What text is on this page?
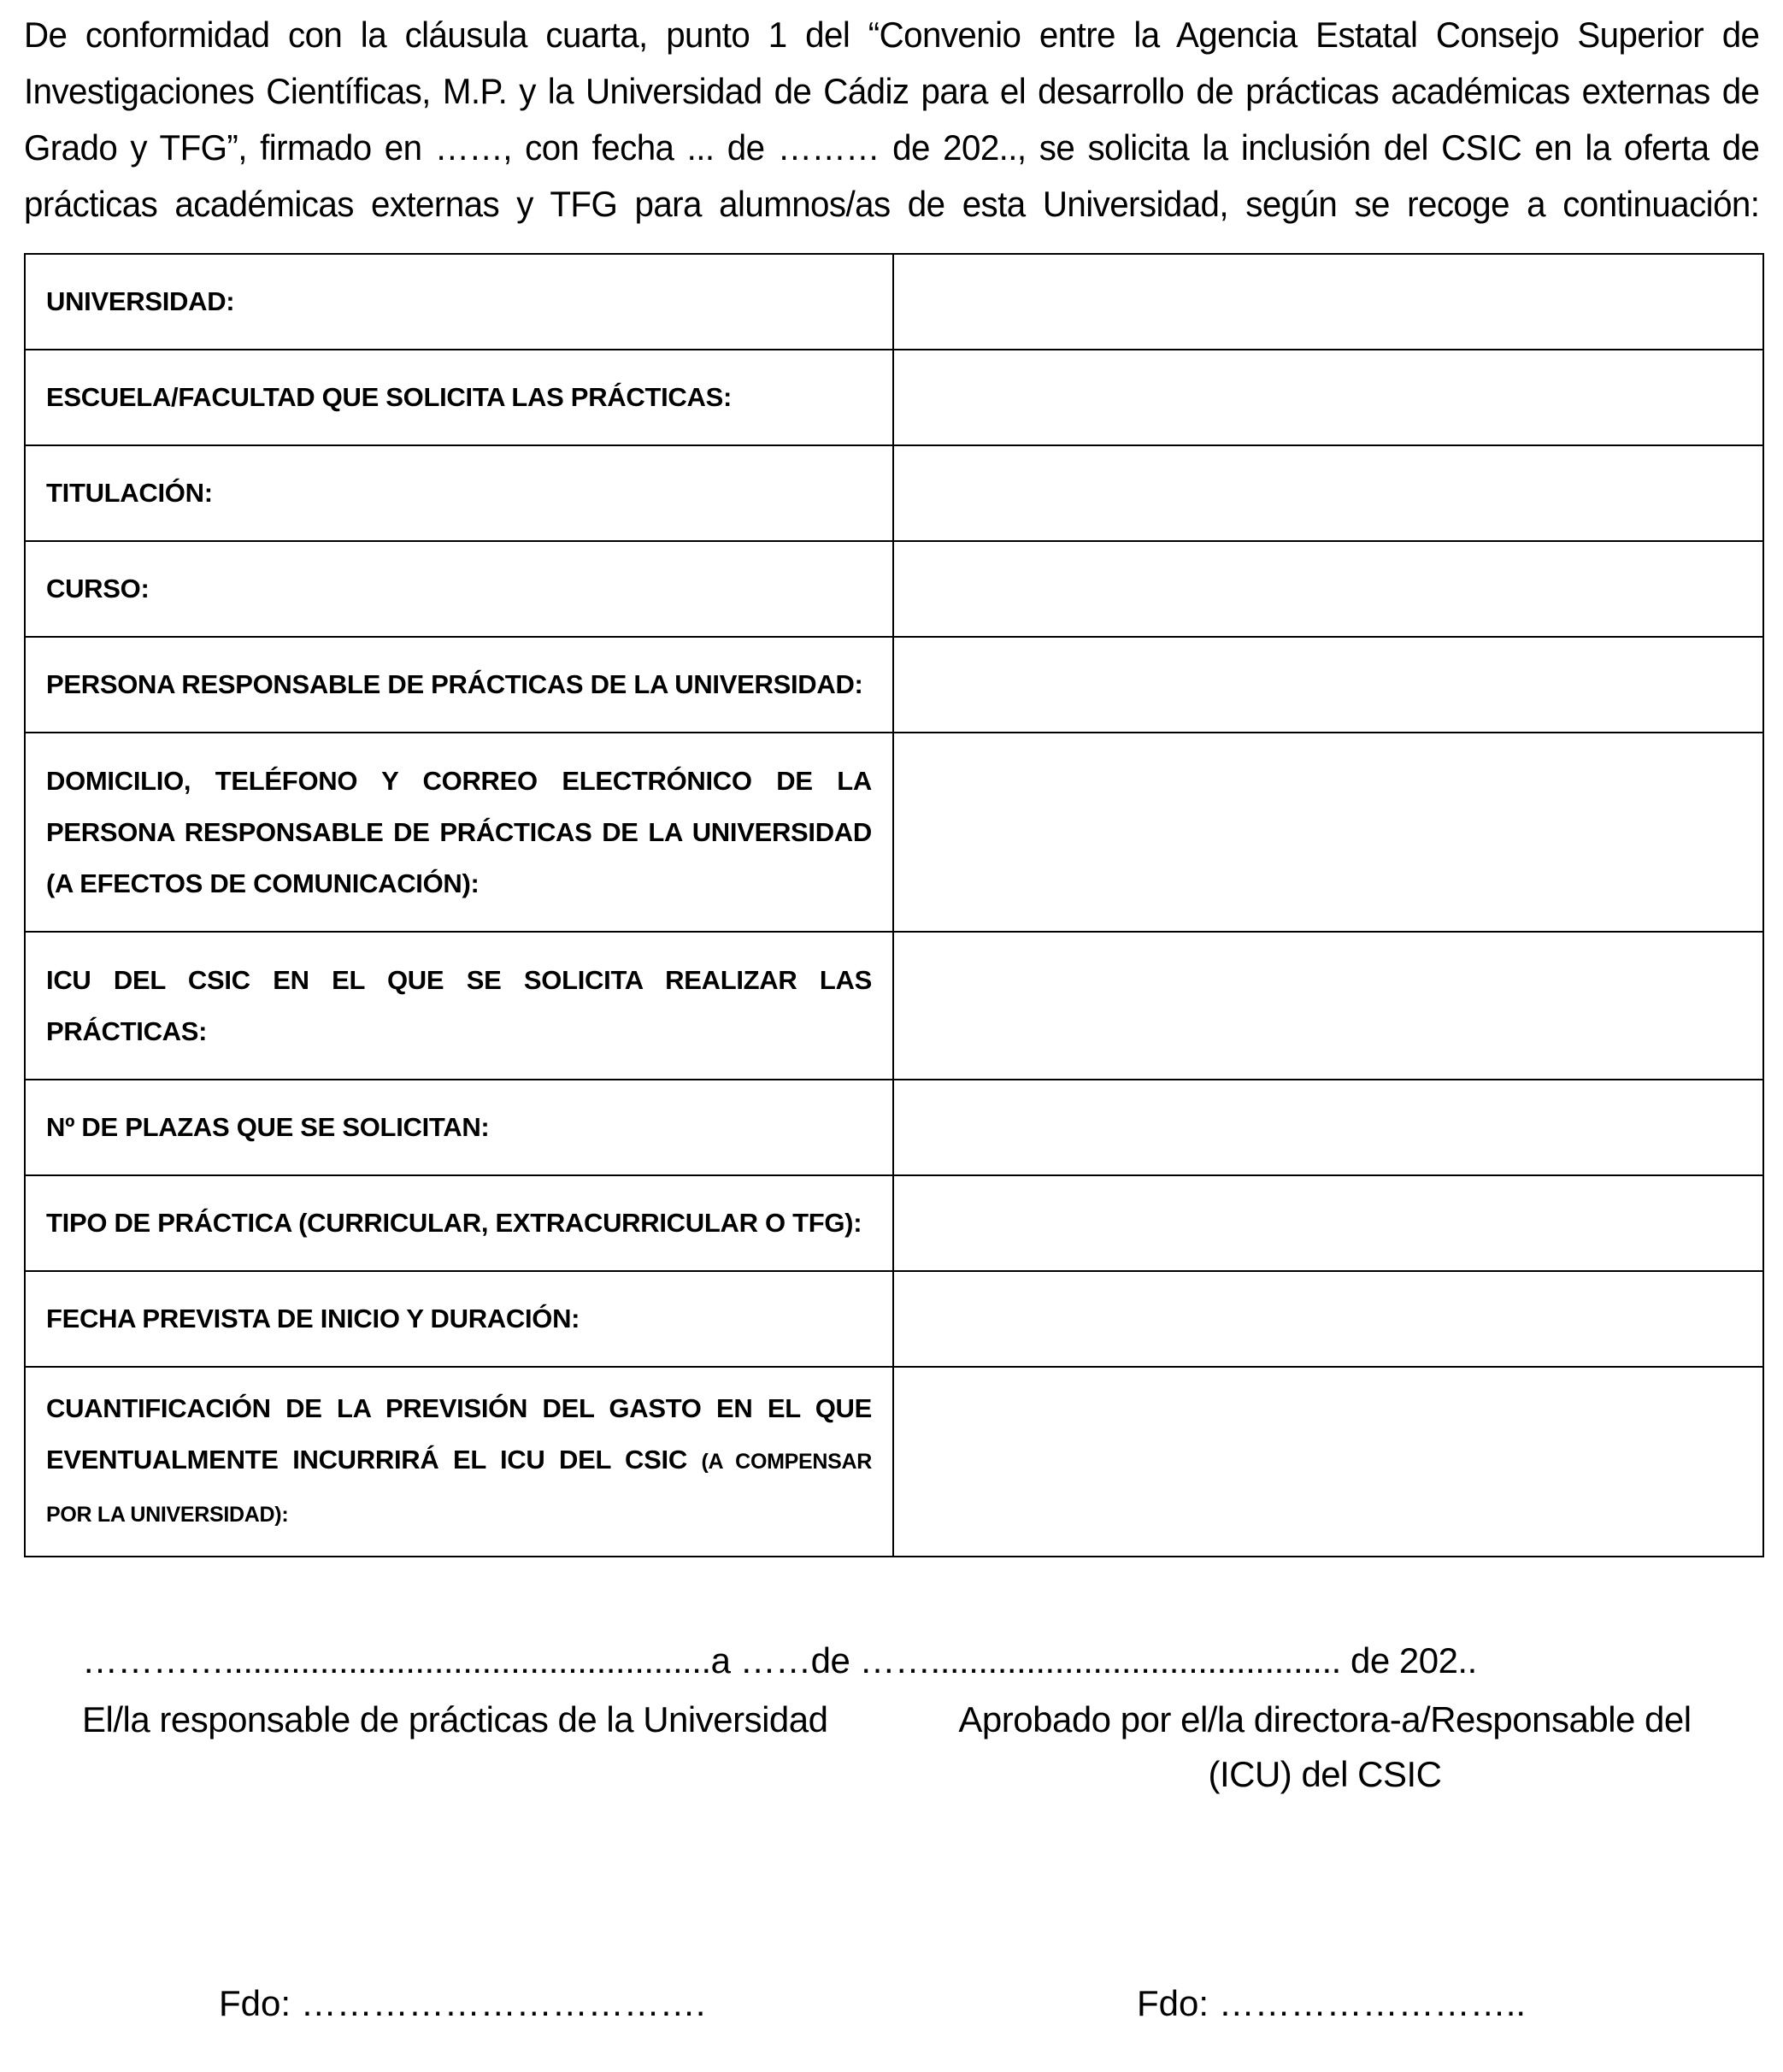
De conformidad con la cláusula cuarta, punto 1 del “Convenio entre la Agencia Estatal Consejo Superior de Investigaciones Científicas, M.P. y la Universidad de Cádiz para el desarrollo de prácticas académicas externas de Grado y TFG”, firmado en ……, con fecha ... de ……… de 202.., se solicita la inclusión del CSIC en la oferta de prácticas académicas externas y TFG para alumnos/as de esta Universidad, según se recoge a continuación:

UNIVERSIDAD:	

ESCUELA/FACULTAD QUE SOLICITA LAS PRÁCTICAS:	

TITULACIÓN:	

CURSO:	

PERSONA RESPONSABLE DE PRÁCTICAS DE LA UNIVERSIDAD:	

DOMICILIO, TELÉFONO Y CORREO ELECTRÓNICO DE LA PERSONA RESPONSABLE DE PRÁCTICAS DE LA UNIVERSIDAD (A EFECTOS DE COMUNICACIÓN):	

ICU DEL CSIC EN EL QUE SE SOLICITA REALIZAR LAS PRÁCTICAS:	

Nº DE PLAZAS QUE SE SOLICITAN:	

TIPO DE PRÁCTICA (CURRICULAR, EXTRACURRICULAR O TFG):	

FECHA PREVISTA DE INICIO Y DURACIÓN:	

CUANTIFICACIÓN DE LA PREVISIÓN DEL GASTO EN EL QUE EVENTUALMENTE INCURRIRÁ EL ICU DEL CSIC (A COMPENSAR POR LA UNIVERSIDAD):	

…………...................................................a ……de ……........................................... de 202..
El/la responsable de prácticas de la Universidad	Aprobado por el/la directora-a/Responsable del
(ICU) del CSIC
Fdo: …………………………….	Fdo: ……………………..
